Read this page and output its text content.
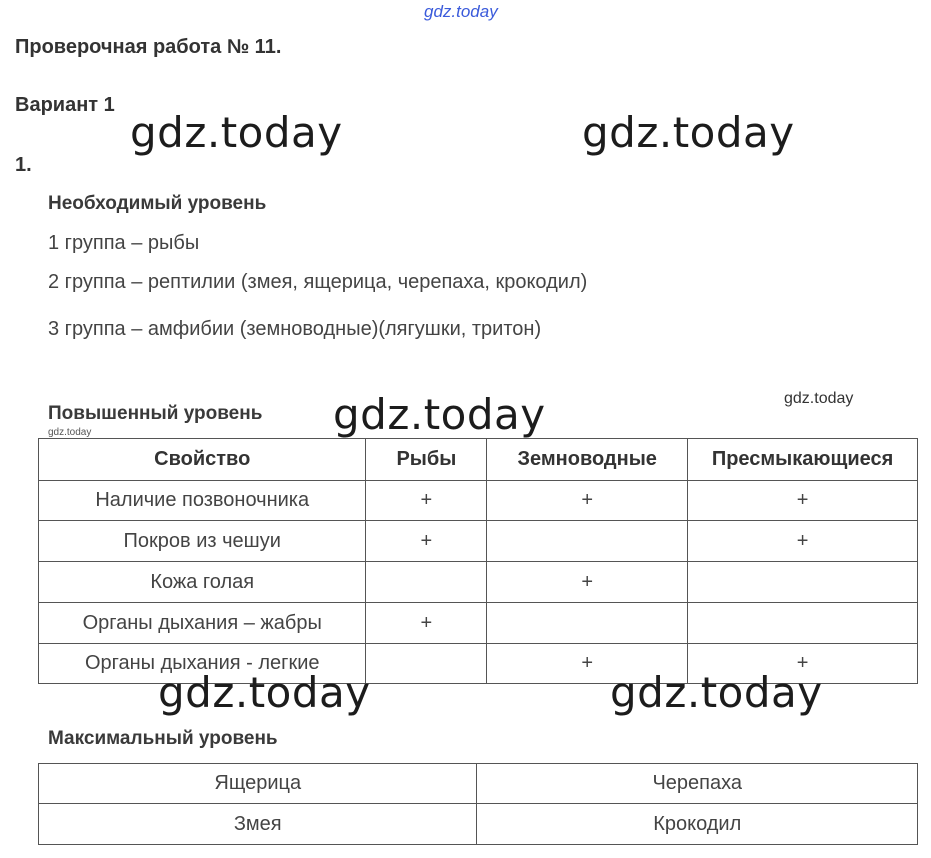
gdz.today
Проверочная работа № 11.
Вариант 1
1.
Необходимый уровень
1 группа – рыбы
2 группа – рептилии (змея, ящерица, черепаха, крокодил)
3 группа – амфибии (земноводные)(лягушки, тритон)
Повышенный уровень
Свойство	Рыбы	Земноводные	Пресмыкающиеся
Наличие позвоночника	+	+	+
Покров из чешуи	+		+
Кожа голая		+	
Органы дыхания – жабры	+		
Органы дыхания - легкие		+	+
Максимальный уровень
Ящерица	Черепаха
Змея	Крокодил
gdz.today	gdz.today
gdz.today	gdz.today
gdz.today
gdz.today	gdz.today
